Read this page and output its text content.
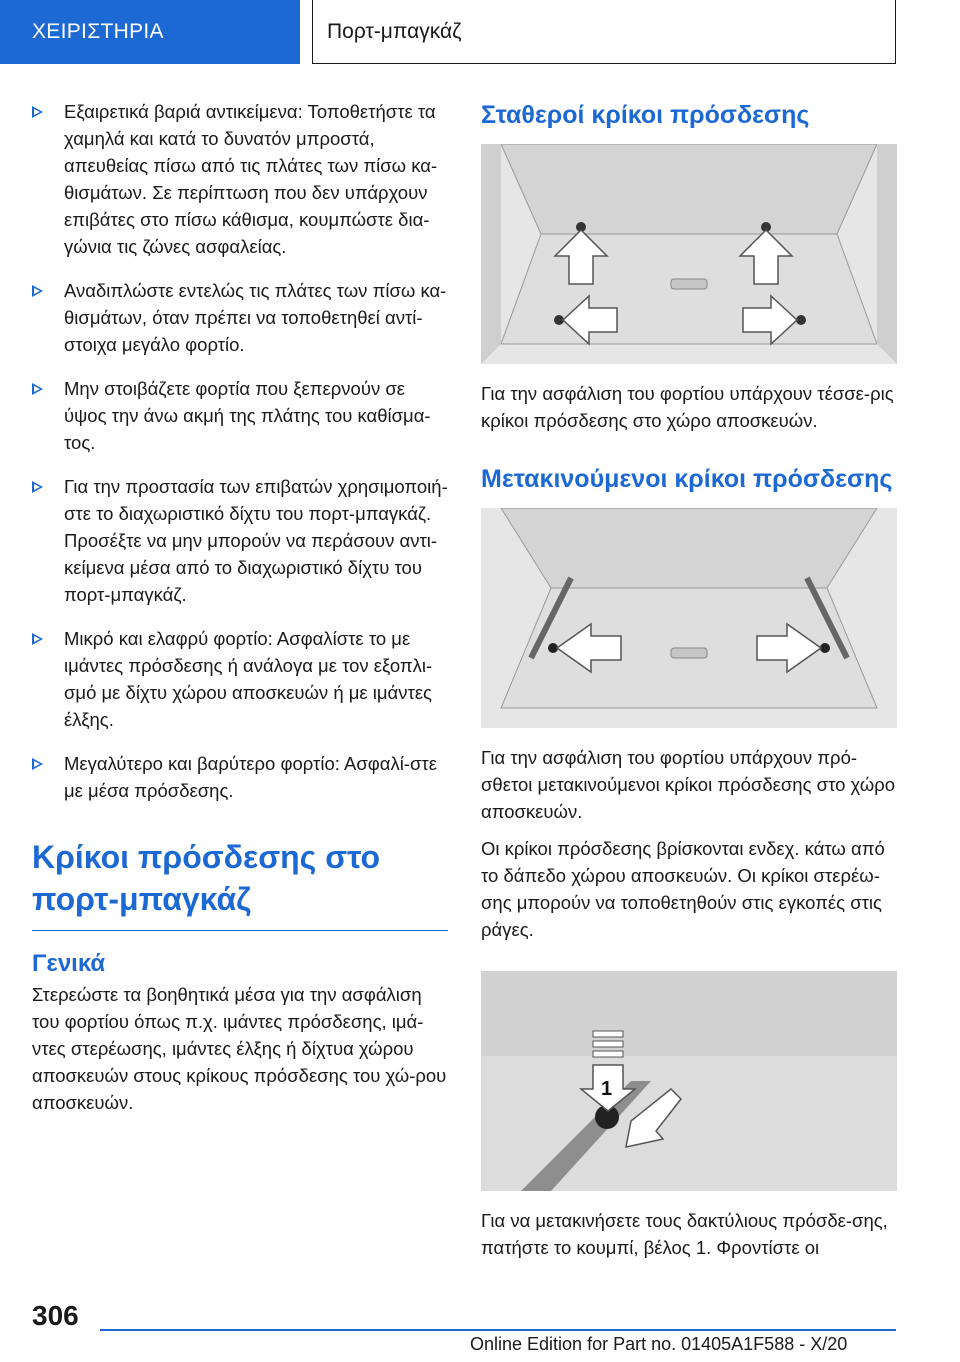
ΧΕΙΡΙΣΤΗΡΙΑ	Πορτ-μπαγκάζ
Εξαιρετικά βαριά αντικείμενα: Τοποθετήστε τα χαμηλά και κατά το δυνατόν μπροστά, απευθείας πίσω από τις πλάτες των πίσω κα-θισμάτων. Σε περίπτωση που δεν υπάρχουν επιβάτες στο πίσω κάθισμα, κουμπώστε δια-γώνια τις ζώνες ασφαλείας.
Αναδιπλώστε εντελώς τις πλάτες των πίσω κα-θισμάτων, όταν πρέπει να τοποθετηθεί αντί-στοιχα μεγάλο φορτίο.
Μην στοιβάζετε φορτία που ξεπερνούν σε ύψος την άνω ακμή της πλάτης του καθίσμα-τος.
Για την προστασία των επιβατών χρησιμοποιή-στε το διαχωριστικό δίχτυ του πορτ-μπαγκάζ. Προσέξτε να μην μπορούν να περάσουν αντι-κείμενα μέσα από το διαχωριστικό δίχτυ του πορτ-μπαγκάζ.
Μικρό και ελαφρύ φορτίο: Ασφαλίστε το με ιμάντες πρόσδεσης ή ανάλογα με τον εξοπλι-σμό με δίχτυ χώρου αποσκευών ή με ιμάντες έλξης.
Μεγαλύτερο και βαρύτερο φορτίο: Ασφαλί-στε με μέσα πρόσδεσης.
Κρίκοι πρόσδεσης στο πορτ-μπαγκάζ
Γενικά
Στερεώστε τα βοηθητικά μέσα για την ασφάλιση του φορτίου όπως π.χ. ιμάντες πρόσδεσης, ιμά-ντες στερέωσης, ιμάντες έλξης ή δίχτυα χώρου αποσκευών στους κρίκους πρόσδεσης του χώ-ρου αποσκευών.
Σταθεροί κρίκοι πρόσδεσης
Για την ασφάλιση του φορτίου υπάρχουν τέσσε-ρις κρίκοι πρόσδεσης στο χώρο αποσκευών.
Μετακινούμενοι κρίκοι πρόσδεσης
Για την ασφάλιση του φορτίου υπάρχουν πρό-σθετοι μετακινούμενοι κρίκοι πρόσδεσης στο χώρο αποσκευών.
Οι κρίκοι πρόσδεσης βρίσκονται ενδεχ. κάτω από το δάπεδο χώρου αποσκευών. Οι κρίκοι στερέω-σης μπορούν να τοποθετηθούν στις εγκοπές στις ράγες.
1
Για να μετακινήσετε τους δακτύλιους πρόσδε-σης, πατήστε το κουμπί, βέλος 1. Φροντίστε οι
306
Online Edition for Part no. 01405A1F588 - X/20
